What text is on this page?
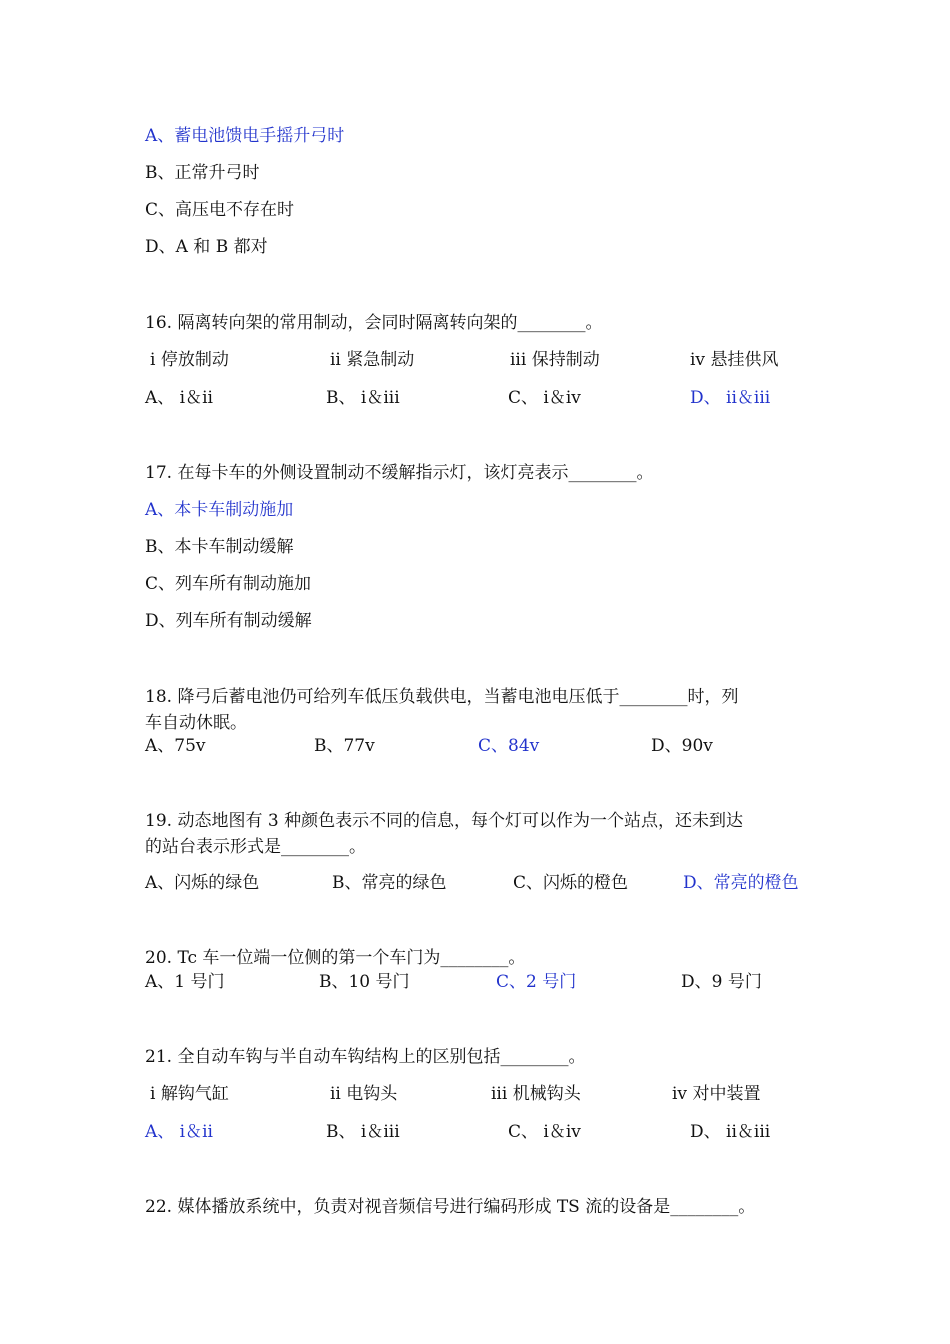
A、蓄电池馈电手摇升弓时
B、正常升弓时
C、高压电不存在时
D、A 和 B 都对
16. 隔离转向架的常用制动，会同时隔离转向架的________。
i 停放制动	ii 紧急制动	iii 保持制动	iv 悬挂供风
A、 i＆ii	B、 i＆iii	C、 i＆iv	D、 ii＆iii
17. 在每卡车的外侧设置制动不缓解指示灯，该灯亮表示________。
A、本卡车制动施加
B、本卡车制动缓解
C、列车所有制动施加
D、列车所有制动缓解
18. 降弓后蓄电池仍可给列车低压负载供电，当蓄电池电压低于________时，列
车自动休眠。
A、75v	B、77v	C、84v	D、90v
19. 动态地图有 3 种颜色表示不同的信息，每个灯可以作为一个站点，还未到达
的站台表示形式是________。
A、闪烁的绿色	B、常亮的绿色	C、闪烁的橙色	D、常亮的橙色
20. Tc 车一位端一位侧的第一个车门为________。
A、1 号门	B、10 号门	C、2 号门	D、9 号门
21. 全自动车钩与半自动车钩结构上的区别包括________。
i 解钩气缸	ii 电钩头	iii 机械钩头	iv 对中装置
A、 i＆ii	B、 i＆iii	C、 i＆iv	D、 ii＆iii
22. 媒体播放系统中，负责对视音频信号进行编码形成 TS 流的设备是________。
